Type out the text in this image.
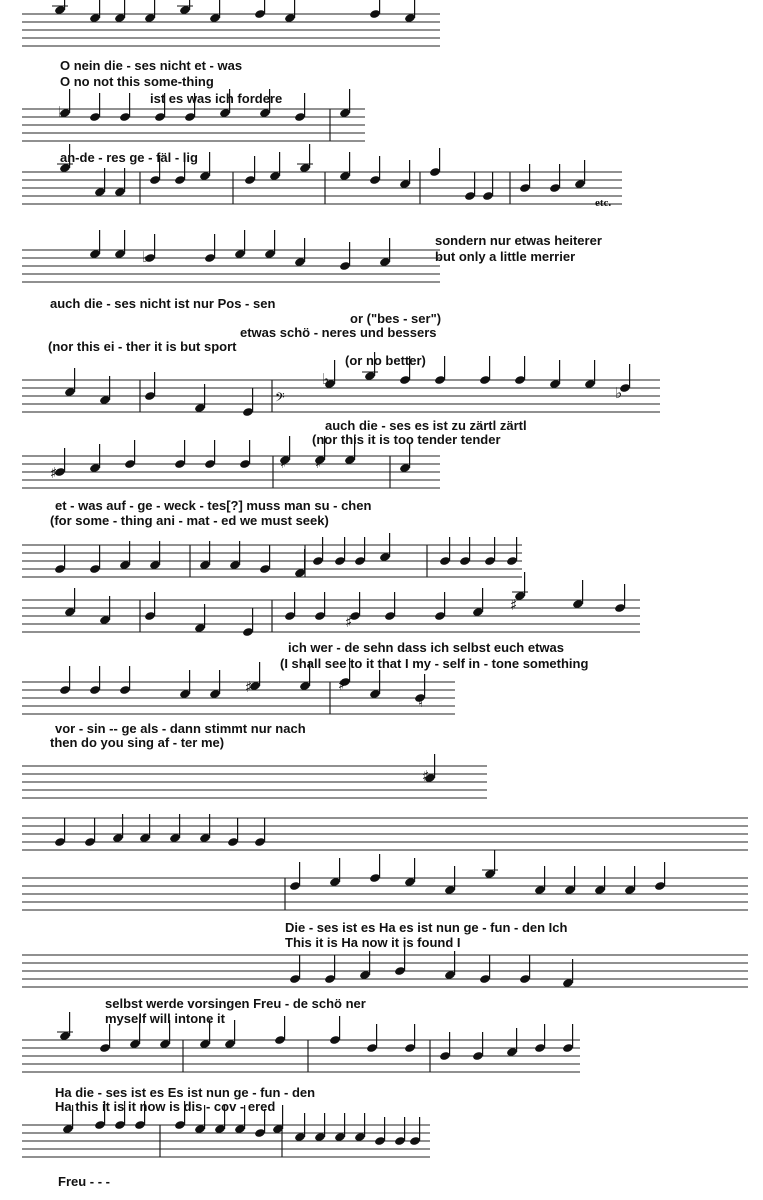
♭
♭
♭
♭
♯
♯ ♯
♯
♯
♯	♯
♮
♯
𝄢
O nein die - ses nicht et - was
O no not this some-thing
ist es was ich fordere
an-de - res ge - fäl - lig
etc.
sondern nur etwas heiterer
but only a little merrier
auch die - ses nicht ist nur Pos - sen
or ("bes - ser")
etwas schö - neres und bessers
(nor this ei - ther it is but sport
(or no better)
auch die - ses es ist zu zärtl zärtl
(nor this it is too tender tender
et - was auf - ge - weck - tes[?] muss man su - chen
(for some - thing ani - mat - ed we must seek)
ich wer - de sehn dass ich selbst euch etwas
(I shall see to it that I my - self in - tone something
vor - sin -- ge als - dann stimmt nur nach
then do you sing af - ter me)
Die - ses ist es Ha es ist nun ge - fun - den Ich
This it is Ha now it is found I
selbst werde vorsingen Freu - de schö ner
myself will intone it
Ha die - ses ist es Es ist nun ge - fun - den
Ha this it is it now is dis - cov - ered
Freu - - -
